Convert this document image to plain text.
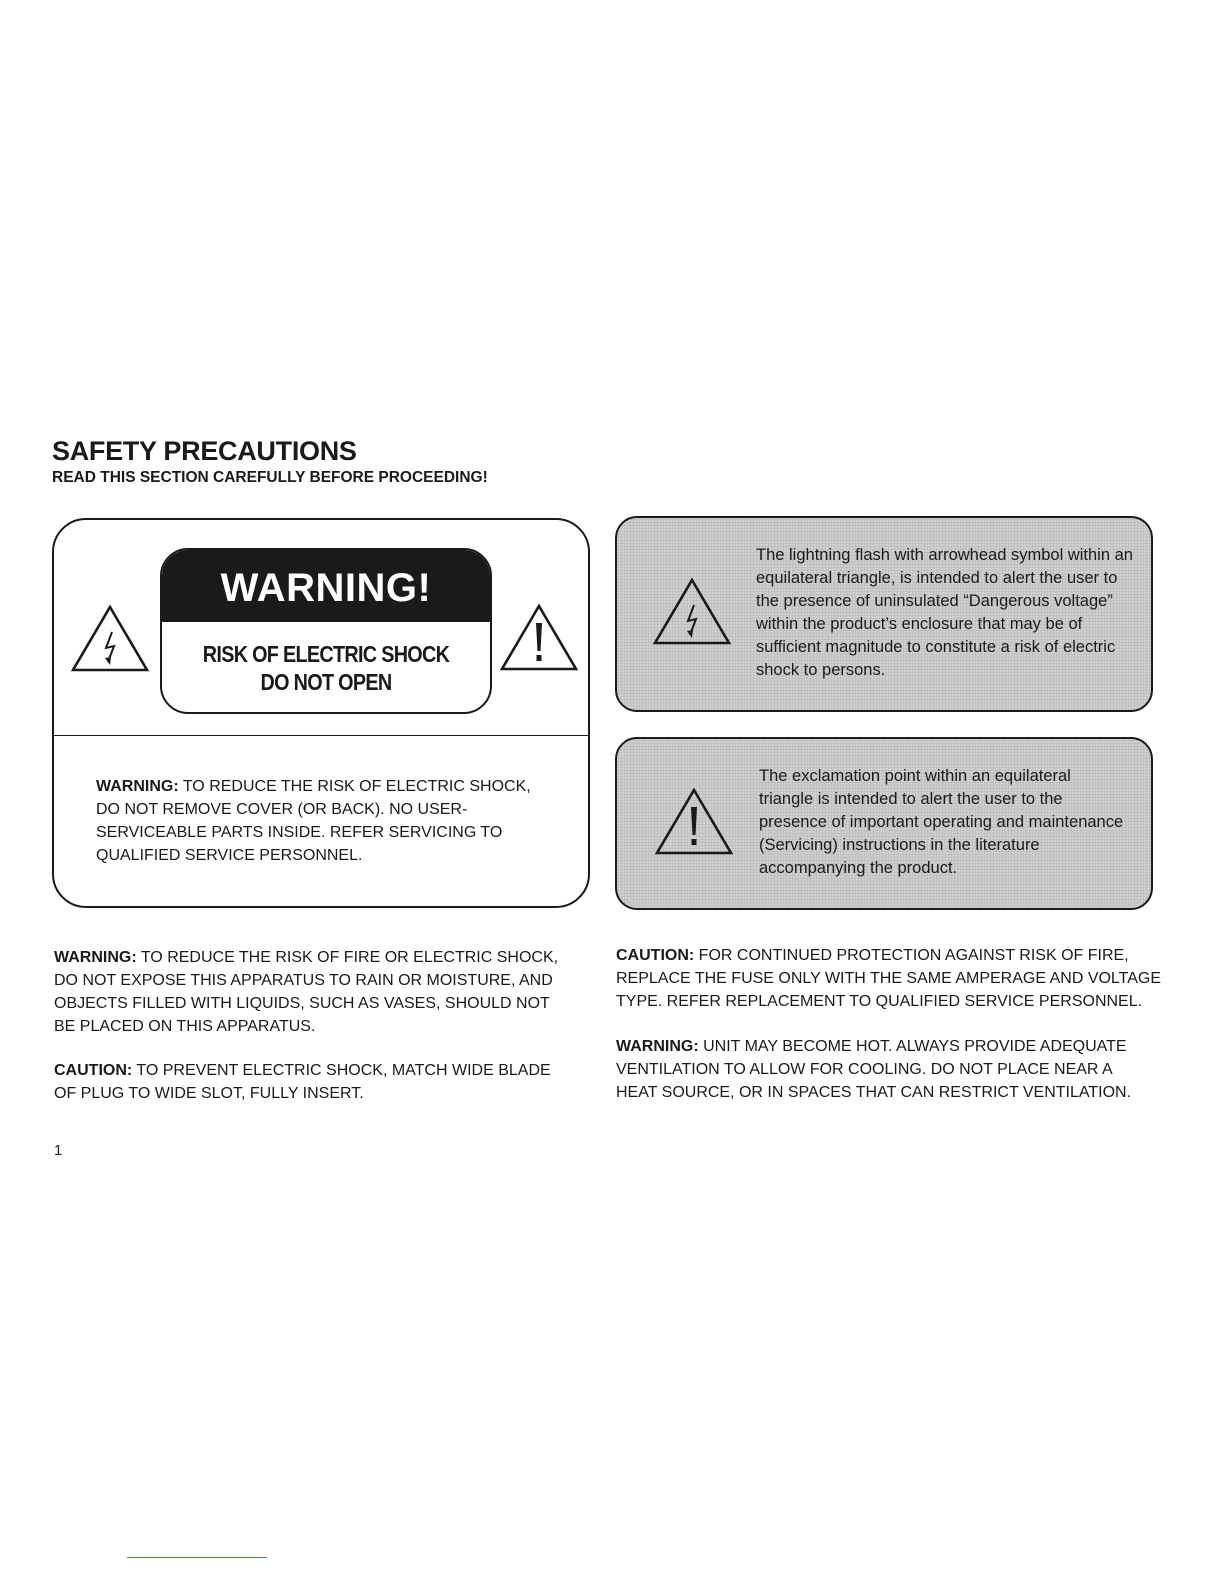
SAFETY PRECAUTIONS
READ THIS SECTION CAREFULLY BEFORE PROCEEDING!
WARNING!
RISK OF ELECTRIC SHOCK
DO NOT OPEN
WARNING: TO REDUCE THE RISK OF ELECTRIC SHOCK, DO NOT REMOVE COVER (OR BACK). NO USER-SERVICEABLE PARTS INSIDE. REFER SERVICING TO QUALIFIED SERVICE PERSONNEL.
The lightning flash with arrowhead symbol within an equilateral triangle, is intended to alert the user to the presence of uninsulated “Dangerous voltage” within the product’s enclosure that may be of sufficient magnitude to constitute a risk of electric shock to persons.
The exclamation point within an equilateral triangle is intended to alert the user to the presence of important operating and maintenance (Servicing) instructions in the literature accompanying the product.
WARNING: TO REDUCE THE RISK OF FIRE OR ELECTRIC SHOCK, DO NOT EXPOSE THIS APPARATUS TO RAIN OR MOISTURE, AND OBJECTS FILLED WITH LIQUIDS, SUCH AS VASES, SHOULD NOT BE PLACED ON THIS APPARATUS.
CAUTION: TO PREVENT ELECTRIC SHOCK, MATCH WIDE BLADE OF PLUG TO WIDE SLOT, FULLY INSERT.
CAUTION: FOR CONTINUED PROTECTION AGAINST RISK OF FIRE, REPLACE THE FUSE ONLY WITH THE SAME AMPERAGE AND VOLTAGE TYPE. REFER REPLACEMENT TO QUALIFIED SERVICE PERSONNEL.
WARNING: UNIT MAY BECOME HOT. ALWAYS PROVIDE ADEQUATE VENTILATION TO ALLOW FOR COOLING. DO NOT PLACE NEAR A HEAT SOURCE, OR IN SPACES THAT CAN RESTRICT VENTILATION.
1
